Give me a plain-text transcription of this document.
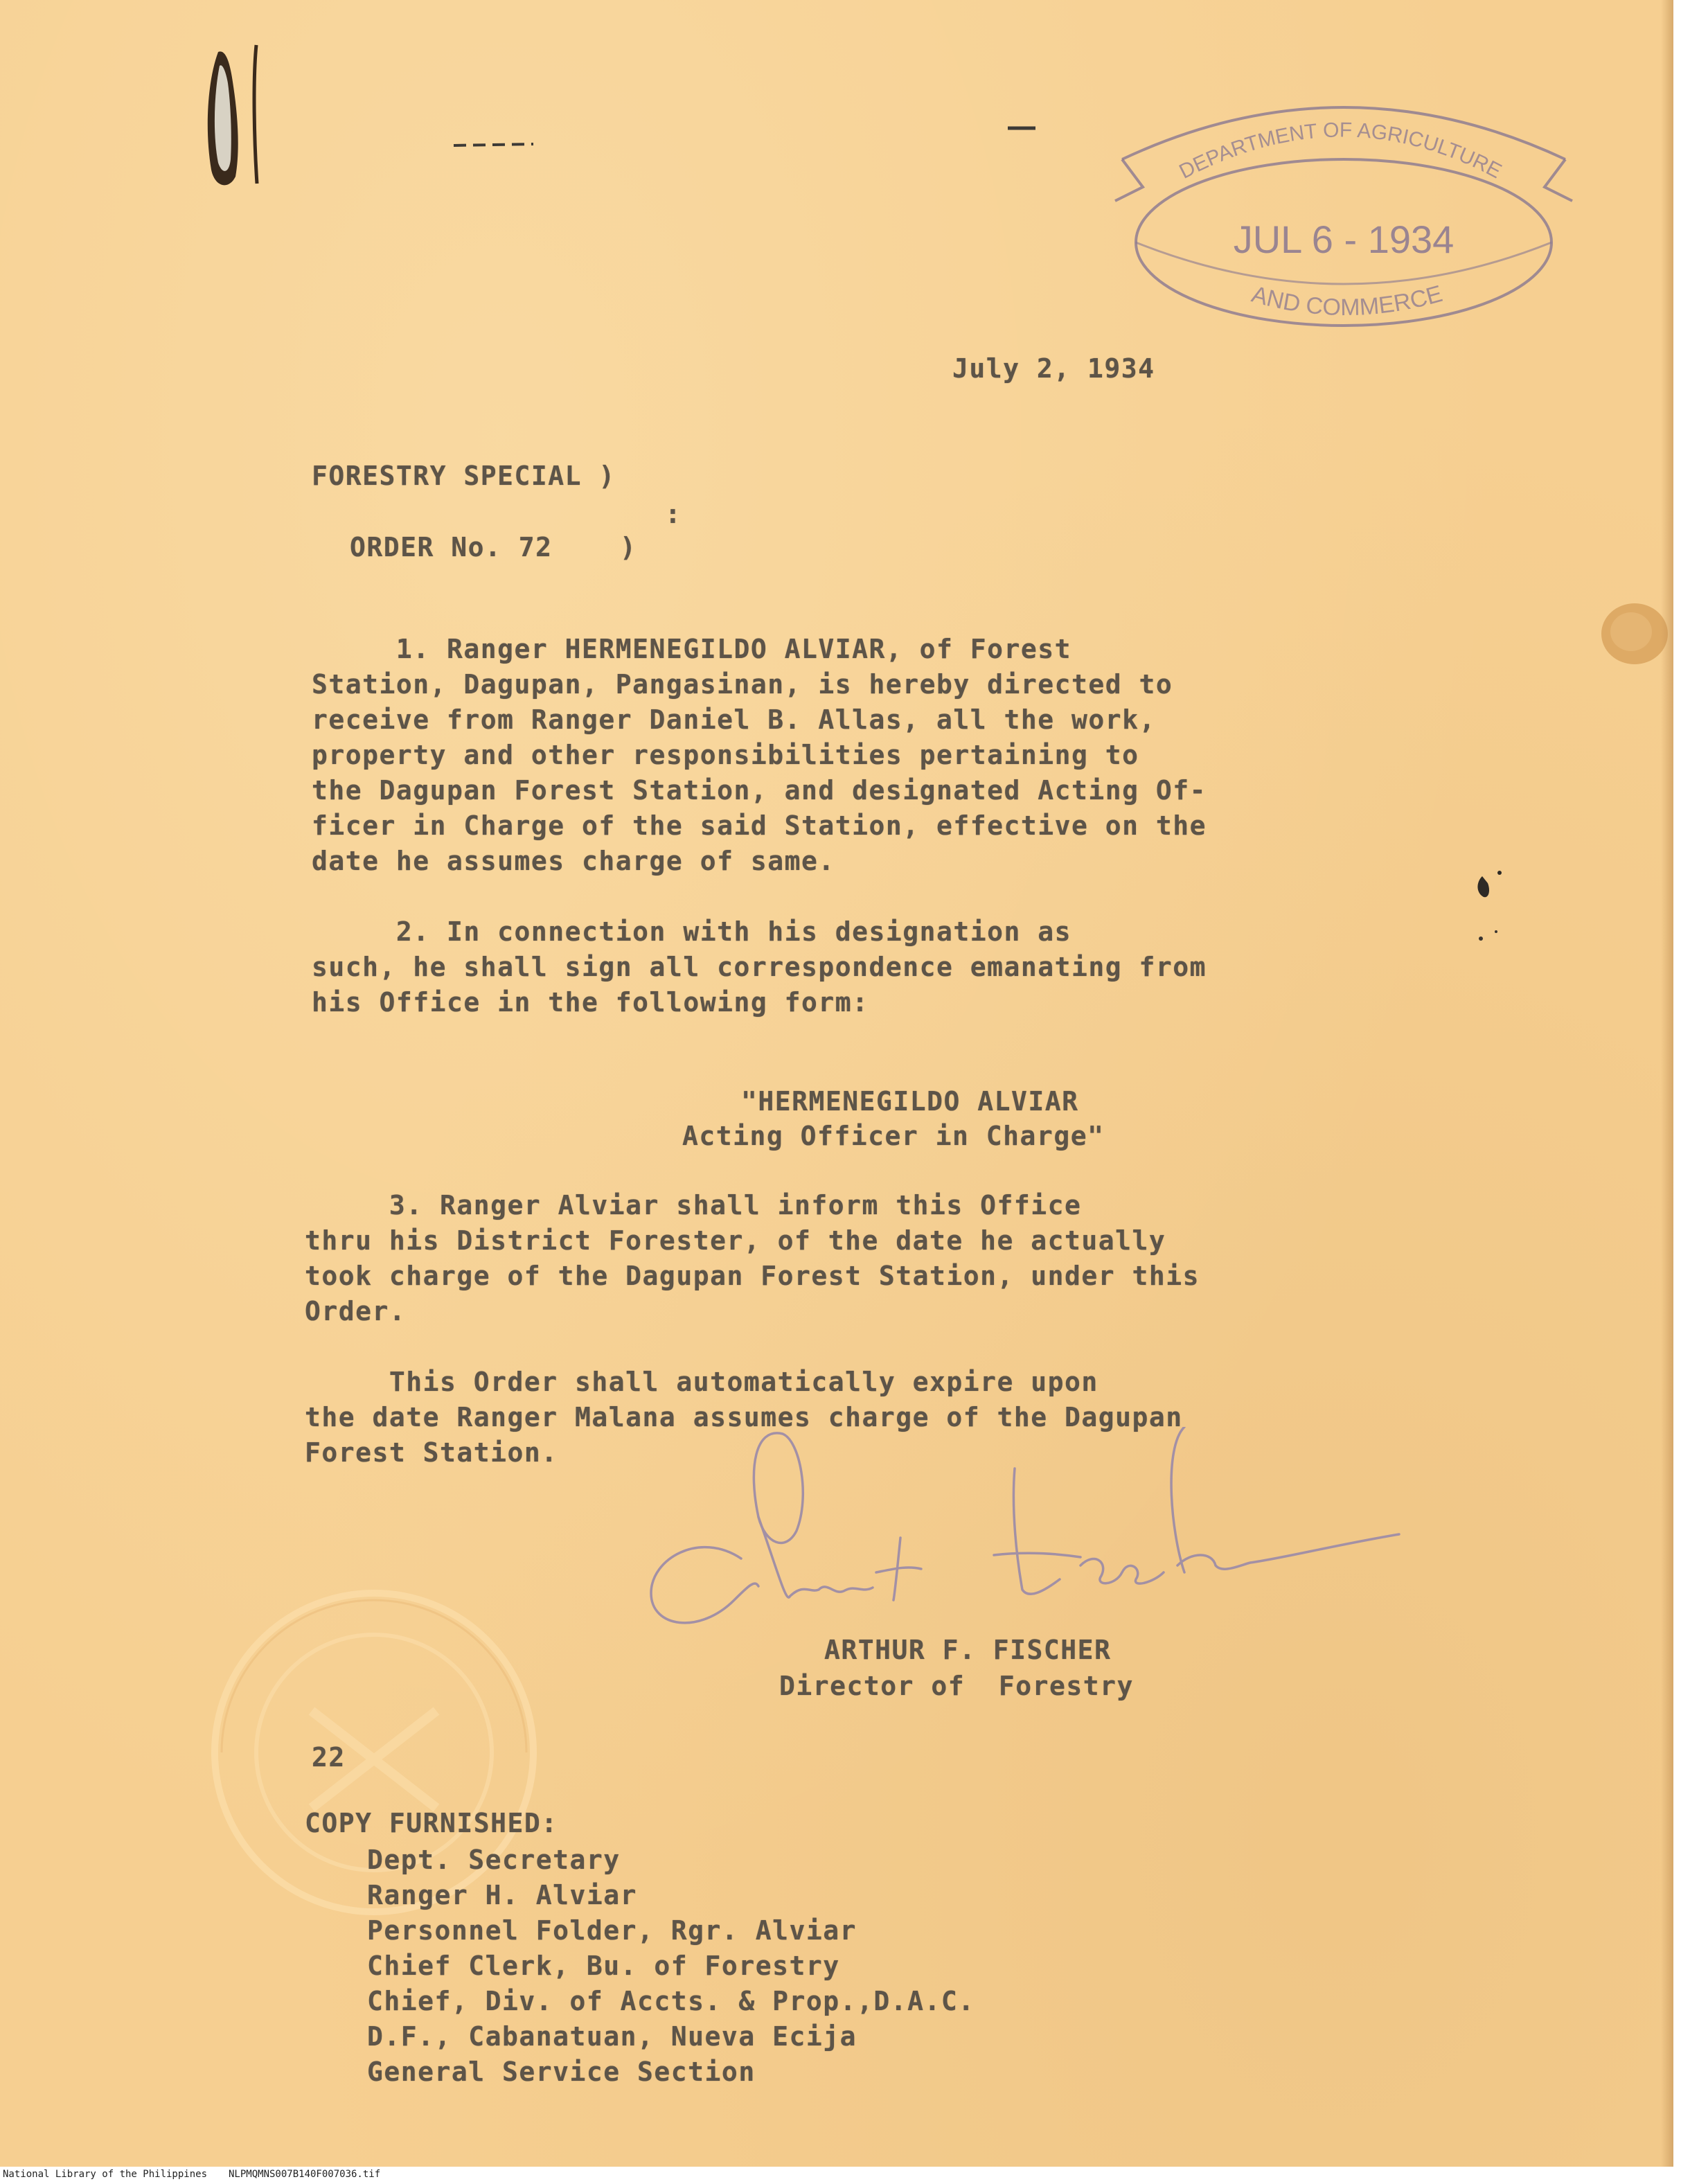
DEPARTMENT OF AGRICULTURE
JUL 6 - 1934
AND COMMERCE
July 2, 1934
FORESTRY SPECIAL )
:
ORDER No. 72    )
1. Ranger HERMENEGILDO ALVIAR, of Forest
Station, Dagupan, Pangasinan, is hereby directed to
receive from Ranger Daniel B. Allas, all the work,
property and other responsibilities pertaining to
the Dagupan Forest Station, and designated Acting Of-
ficer in Charge of the said Station, effective on the
date he assumes charge of same.
2. In connection with his designation as
such, he shall sign all correspondence emanating from
his Office in the following form:
"HERMENEGILDO ALVIAR
Acting Officer in Charge"
3. Ranger Alviar shall inform this Office
thru his District Forester, of the date he actually
took charge of the Dagupan Forest Station, under this
Order.
This Order shall automatically expire upon
the date Ranger Malana assumes charge of the Dagupan
Forest Station.
ARTHUR F. FISCHER
Director of  Forestry
22
COPY FURNISHED:
Dept. Secretary
Ranger H. Alviar
Personnel Folder, Rgr. Alviar
Chief Clerk, Bu. of Forestry
Chief, Div. of Accts. & Prop.,D.A.C.
D.F., Cabanatuan, Nueva Ecija
General Service Section
National Library of the Philippines NLPMQMNS007B140F007036.tif
